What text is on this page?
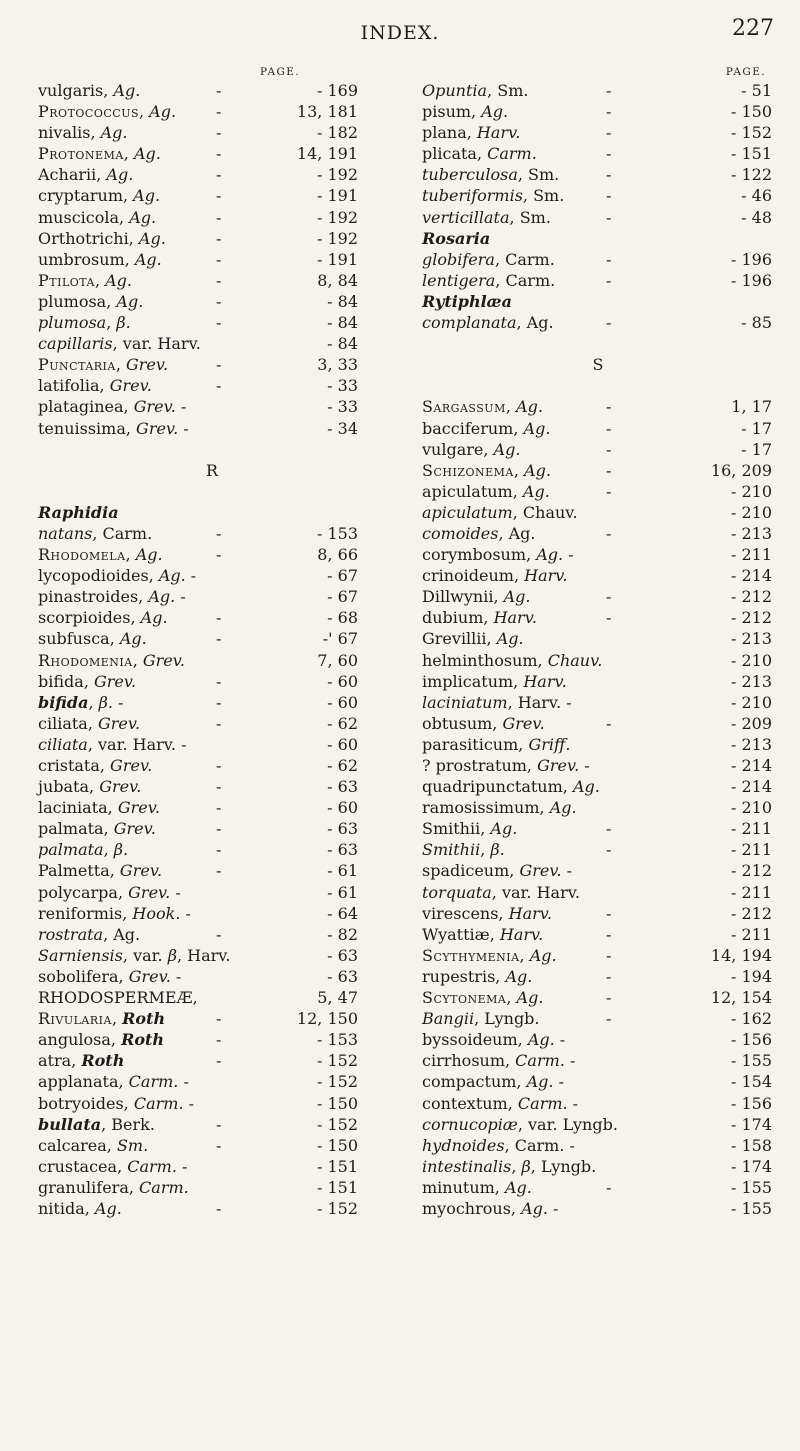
INDEX.	227
PAGE.
vulgaris, Ag.	-	- 169
Protococcus, Ag. -	13, 181
nivalis, Ag.	-	- 182
Protonema, Ag.	-	14, 191
Acharii, Ag.	-	- 192
cryptarum, Ag.	-	- 191
muscicola, Ag.	-	- 192
Orthotrichi, Ag.	-	- 192
umbrosum, Ag.	-	- 191
Ptilota, Ag.	-	8, 84
plumosa, Ag.	-	- 84
plumosa, β.	-	- 84
capillaris, var. Harv.	- 84
Punctaria, Grev.	-	3, 33
latifolia, Grev.	-	- 33
plataginea, Grev. -	- 33
tenuissima, Grev. -	- 34
R
Raphidia
natans, Carm.	-	- 153
Rhodomela, Ag.	-	8, 66
lycopodioides, Ag. -	- 67
pinastroides, Ag. -	- 67
scorpioides, Ag.	-	- 68
subfusca, Ag.	-	-' 67
Rhodomenia, Grev.	7, 60
bifida, Grev.	-	- 60
bifida, β. -	-	- 60
ciliata, Grev.	-	- 62
ciliata, var. Harv. -	- 60
cristata, Grev.	-	- 62
jubata, Grev.	-	- 63
laciniata, Grev.	-	- 60
palmata, Grev.	-	- 63
palmata, β.	-	- 63
Palmetta, Grev.	-	- 61
polycarpa, Grev. -	- 61
reniformis, Hook. -	- 64
rostrata, Ag.	-	- 82
Sarniensis, var. β, Harv.	- 63
sobolifera, Grev. -	- 63
RHODOSPERMEÆ,	5, 47
Rivularia, Roth	-	12, 150
angulosa, Roth	-	- 153
atra, Roth	-	- 152
applanata, Carm. -	- 152
botryoides, Carm. -	- 150
bullata, Berk.	-	- 152
calcarea, Sm.	-	- 150
crustacea, Carm. -	- 151
granulifera, Carm.	- 151
nitida, Ag.	-	- 152
PAGE.
Opuntia, Sm.	-	- 51
pisum, Ag.	-	- 150
plana, Harv.	-	- 152
plicata, Carm.	-	- 151
tuberculosa, Sm.	-	- 122
tuberiformis, Sm.	-	- 46
verticillata, Sm.	-	- 48
Rosaria
globifera, Carm.	-	- 196
lentigera, Carm.	-	- 196
Rytiphlæa
complanata, Ag.	-	- 85
S
Sargassum, Ag.	-	1, 17
bacciferum, Ag.	-	- 17
vulgare, Ag.	-	- 17
Schizonema, Ag.	-	16, 209
apiculatum, Ag.	-	- 210
apiculatum, Chauv.	- 210
comoides, Ag.	-	- 213
corymbosum, Ag. -	- 211
crinoideum, Harv.	- 214
Dillwynii, Ag.	-	- 212
dubium, Harv.	-	- 212
Grevillii, Ag.	- 213
helminthosum, Chauv.	- 210
implicatum, Harv.	- 213
laciniatum, Harv. -	- 210
obtusum, Grev.	-	- 209
parasiticum, Griff.	- 213
? prostratum, Grev. -	- 214
quadripunctatum, Ag.	- 214
ramosissimum, Ag.	- 210
Smithii, Ag.	-	- 211
Smithii, β.	-	- 211
spadiceum, Grev. -	- 212
torquata, var. Harv.	- 211
virescens, Harv.	-	- 212
Wyattiæ, Harv.	-	- 211
Scythymenia, Ag.	-	14, 194
rupestris, Ag.	-	- 194
Scytonema, Ag.	-	12, 154
Bangii, Lyngb.	-	- 162
byssoideum, Ag. -	- 156
cirrhosum, Carm. -	- 155
compactum, Ag. -	- 154
contextum, Carm. -	- 156
cornucopiæ, var. Lyngb.	- 174
hydnoides, Carm. -	- 158
intestinalis, β, Lyngb.	- 174
minutum, Ag.	-	- 155
myochrous, Ag. -	- 155
